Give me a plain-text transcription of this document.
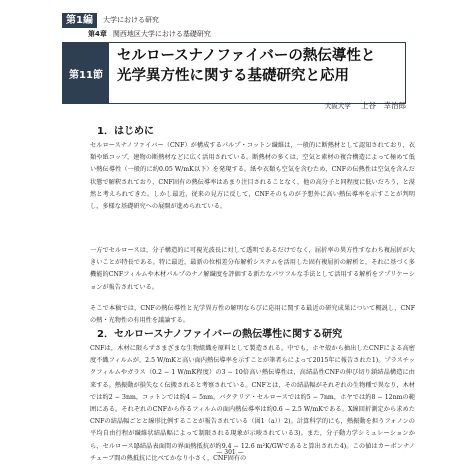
第1編	大学における研究
第4章 関西地区大学における基礎研究
第11節
セルロースナノファイバーの熱伝導性と
光学異方性に関する基礎研究と応用
大阪大学 上谷　幸治郎
1．はじめに

セルロースナノファイバー（CNF）が構成するパルプ・コットン繊維は，一般的に断熱材として認知されており，衣類や紙コップ，建物の断熱材などに広く活用されている。断熱材の多くは，空気と素材の複合構造によって極めて低い熱伝導性（一般的に約0.05 W/mK以下）を発現する。紙や衣類も空気を含むため，CNFの伝熱性は空気を含んだ状態で解釈されており，CNF固有の熱伝導率はあまり注目されることなく，他の高分子と同程度に低いだろう，と漠然と考えられてきた。しかし最近，従来の見方に反して，CNFそのものが予想外に高い熱伝導率を示すことが判明し，多様な基礎研究への展開が進められている。

一方でセルロースは，分子構造的に可視光波長に対して透明であるだけでなく，屈折率の異方性すなわち複屈折が大きいことが特長である。特に最近，最新の位相差分布解析システムを活用した固有複屈折の解析と，それに基づく多機能的CNFフィルムや木材パルプのナノ解繊度を評価する新たなパワフルな手法として活用する解析をアプリケーションが報告されている。

そこで本稿では，CNFの熱伝導性と光学異方性の解明ならびに応用に関する最近の研究成果について概説し，CNFの熱・光物性の有用性を議論する。

2．セルロースナノファイバーの熱伝導性に関する研究

CNFは，木材に限らずさまざまな生物組織を原料として製造される。中でも，ホヤ殻から抽出したCNFによる高密度不織フィルムが，2.5 W/mKと高い面内熱伝導率を示すことが筆者らによって2015年に報告された1)。プラスチックフィルムやガラス（0.2 − 1 W/mK程度）の3 − 10倍高い熱伝導性は，高結晶性CNFの伸び切り鎖結晶構造に由来する。熱振動が損失なく伝搬されると考察されている。CNFとは，その結晶幅がそれぞれの生物種で異なり，木材では約2 − 3nm，コットンでは約4 − 5nm，バクテリア・セルロースでは約5 − 7nm，ホヤでは約8 − 12nmの範囲にある。それぞれのCNFから作るフィルムの面内熱伝導率は約0.6 − 2.5 W/mKである。X線回折測定から求めたCNFの結晶幅ごとと線形比例することが報告されている（図1（a））2)。計算科学的にも，熱振動を担うフォノンの平均自由行程が繊維状結晶幅によって制限される現象が示唆されている3)。また，分子動力学シミュレーションから，セルロースIβ結晶表面間の界面熱抵抗が約9.4 − 12.6 m²K/GWであると算出された4)。この値はカーボンナノチューブ間の熱抵抗に比べてかなり小さく，CNF固有の

— 301 —
